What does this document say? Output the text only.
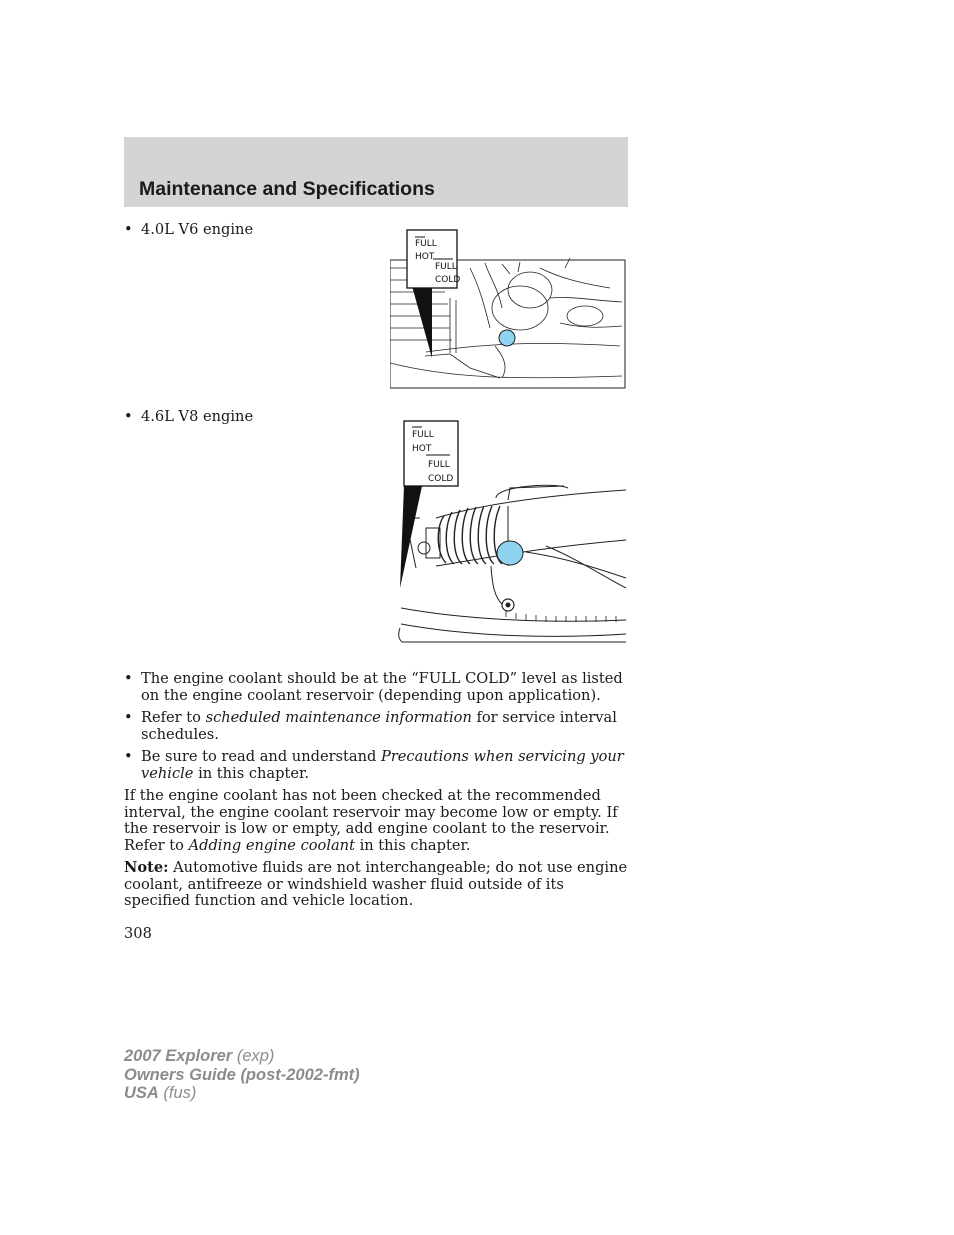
Maintenance and Specifications
• 4.0L V6 engine
FULL
HOT
FULL
COLD
• 4.6L V8 engine
FULL
HOT
FULL
COLD
• The engine coolant should be at the “FULL COLD” level as listed on the engine coolant reservoir (depending upon application).
• Refer to scheduled maintenance information for service interval schedules.
• Be sure to read and understand Precautions when servicing your vehicle in this chapter.

If the engine coolant has not been checked at the recommended interval, the engine coolant reservoir may become low or empty. If the reservoir is low or empty, add engine coolant to the reservoir. Refer to Adding engine coolant in this chapter.

Note: Automotive fluids are not interchangeable; do not use engine coolant, antifreeze or windshield washer fluid outside of its specified function and vehicle location.

308
2007 Explorer (exp)
Owners Guide (post-2002-fmt)
USA (fus)
